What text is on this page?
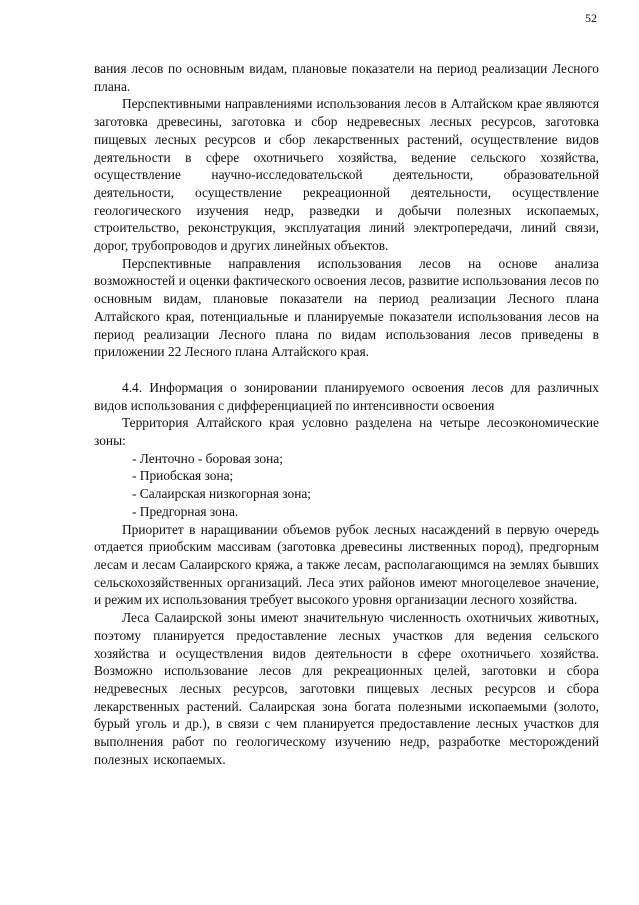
52

вания лесов по основным видам, плановые показатели на период реализации Лесного плана.

Перспективными направлениями использования лесов в Алтайском крае являются заготовка древесины, заготовка и сбор недревесных лесных ресурсов, заготовка пищевых лесных ресурсов и сбор лекарственных растений, осуществление видов деятельности в сфере охотничьего хозяйства, ведение сельского хозяйства, осуществление научно-исследовательской деятельности, образовательной деятельности, осуществление рекреационной деятельности, осуществление геологического изучения недр, разведки и добычи полезных ископаемых, строительство, реконструкция, эксплуатация линий электропередачи, линий связи, дорог, трубопроводов и других линейных объектов.

Перспективные направления использования лесов на основе анализа возможностей и оценки фактического освоения лесов, развитие использования лесов по основным видам, плановые показатели на период реализации Лесного плана Алтайского края, потенциальные и планируемые показатели использования лесов на период реализации Лесного плана по видам использования лесов приведены в приложении 22 Лесного плана Алтайского края.

4.4. Информация о зонировании планируемого освоения лесов для различных видов использования с дифференциацией по интенсивности освоения

Территория Алтайского края условно разделена на четыре лесоэкономические зоны:

- Ленточно - боровая зона;
- Приобская зона;
- Салаирская низкогорная зона;
- Предгорная зона.

Приоритет в наращивании объемов рубок лесных насаждений в первую очередь отдается приобским массивам (заготовка древесины лиственных пород), предгорным лесам и лесам Салаирского кряжа, а также лесам, располагающимся на землях бывших сельскохозяйственных организаций. Леса этих районов имеют многоцелевое значение, и режим их использования требует высокого уровня организации лесного хозяйства.

Леса Салаирской зоны имеют значительную численность охотничьих животных, поэтому планируется предоставление лесных участков для ведения сельского хозяйства и осуществления видов деятельности в сфере охотничьего хозяйства. Возможно использование лесов для рекреационных целей, заготовки и сбора недревесных лесных ресурсов, заготовки пищевых лесных ресурсов и сбора лекарственных растений. Салаирская зона богата полезными ископаемыми (золото, бурый уголь и др.), в связи с чем планируется предоставление лесных участков для выполнения работ по геологическому изучению недр, разработке месторождений полезных ископаемых.
